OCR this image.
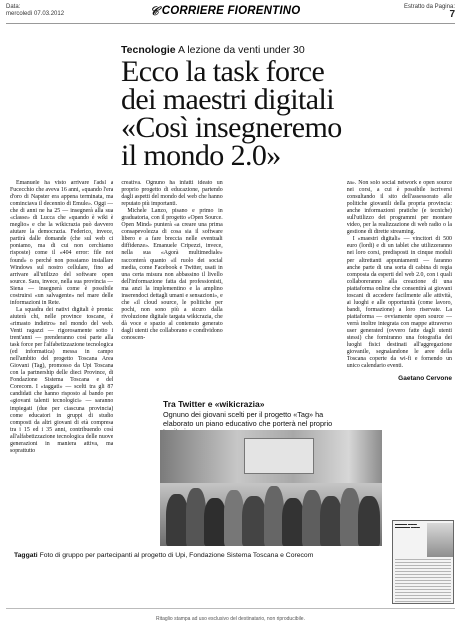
Data:
mercoledì 07.03.2012
Estratto da Pagina:
7
𝒞 CORRIERE FIORENTINO
Tecnologie A lezione da venti under 30
Ecco la task force
dei maestri digitali
«Così insegneremo
il mondo 2.0»

Emanuele ha visto arrivare l'adsl a Fucecchio che aveva 16 anni, «quando l'era d'oro di Napster era appena terminata, ma cominciava il decennio di Emule». Oggi — che di anni ne ha 25 — insegnerà alla sua «classe» di Lucca che «quando è wiki è meglio» e che la wikicrazia può davvero aiutare la democrazia. Federico, invece, partirà dalle domande (che sul web ci poniamo, ma di cui non cerchiamo risposte) come il «404 error: file not found» o perché non possiamo installare Windows sul nostro cellulare, fino ad arrivare all'utilizzo del software open source. Sara, invece, nella sua provincia — Siena — insegnerà come è possibile costruirsi «un salvagente» nel mare delle informazioni in Rete.

La squadra dei nativi digitali è pronta: aiuterà chi, nelle province toscane, è «rimasto indietro» nel mondo del web. Venti ragazzi — rigorosamente sotto i trent'anni — prenderanno così parte alla task force per l'alfabetizzazione tecnologica (ed informatica) messa in campo nell'ambito del progetto Toscana Area Giovani (Tag), promosso da Upi Toscana con la partnership delle dieci Province, di Fondazione Sistema Toscana e del Corecom. I «taggati» — scelti tra gli 87 candidati che hanno risposto al bando per «giovani talenti tecnologici» — saranno impiegati (due per ciascuna provincia) come educatori in gruppi di studio composti da altri giovani di età compresa tra i 15 ed i 35 anni, contribuendo così all'alfabetizzazione tecnologica delle nuove generazioni in maniera attiva, ma soprattutto

creativa. Ognuno ha infatti ideato un proprio progetto di educazione, partendo dagli aspetti del mondo del web che hanno reputato più importanti.

Michele Lanzo, pisano e primo in graduatoria, con il progetto «Open Source. Open Mind» punterà «a creare una prima consapevolezza di cosa sia il software libero e a fare breccia nelle eventuali diffidenze». Emanuele Cripezzi, invece, nella sua «Agorà multimediale» racconterà quanto «il ruolo dei social media, come Facebook e Twitter, usati in una certa misura non abbassino il livello dell'informazione fatta dai professionisti, ma anzi la implementino e la amplino inserendoci dettagli umani e sensazioni», e che «il cloud source, le politiche per pochi, non sono più a sicuro dalla rivoluzione digitale targata wikicrazia, che dà voce e spazio al contenuto generato dagli utenti che collaborano e condividono conoscen-

za». Non solo social network e open source nei corsi, a cui è possibile iscriversi consultando il sito dell'assessorato alle politiche giovanili della propria provincia: anche informazioni pratiche (e tecniche) sull'utilizzo dei programmi per montare video, per la realizzazione di web radio o la gestione di dirette streaming.

I «maestri digitali» — vincitori di 500 euro (lordi) e di un tablet che utilizzeranno nei loro corsi, predisposti in cinque moduli per altrettanti appuntamenti — faranno anche parte di una sorta di cabina di regia composta da esperti del web 2.0, con i quali collaboreranno alla creazione di una piattaforma online che consentirà ai giovani toscani di accedere facilmente alle attività, ai luoghi e alle opportunità (come lavoro, bandi, formazione) a loro riservate. La piattaforma — ovviamente open source — verrà inoltre integrata con mappe attraverso user generated (ovvero fatte dagli utenti stessi) che forniranno una fotografia dei luoghi fisici destinati all'aggregazione giovanile, segnalandone le aree della Toscana coperte da wi-fi e fornendo un unico calendario eventi.

Gaetano Cervone
Tra Twitter e «wikicrazia»
Ognuno dei giovani scelti per il progetto «Tag» ha elaborato un piano educativo che porterà nel proprio
Taggati Foto di gruppo per partecipanti al progetto di Upi, Fondazione Sistema Toscana e Corecom
▬▬▬▬ ▬▬▬ ▬▬▬▬▬ ▬▬▬
Ritaglio stampa ad uso esclusivo del destinatario, non riproducibile.
